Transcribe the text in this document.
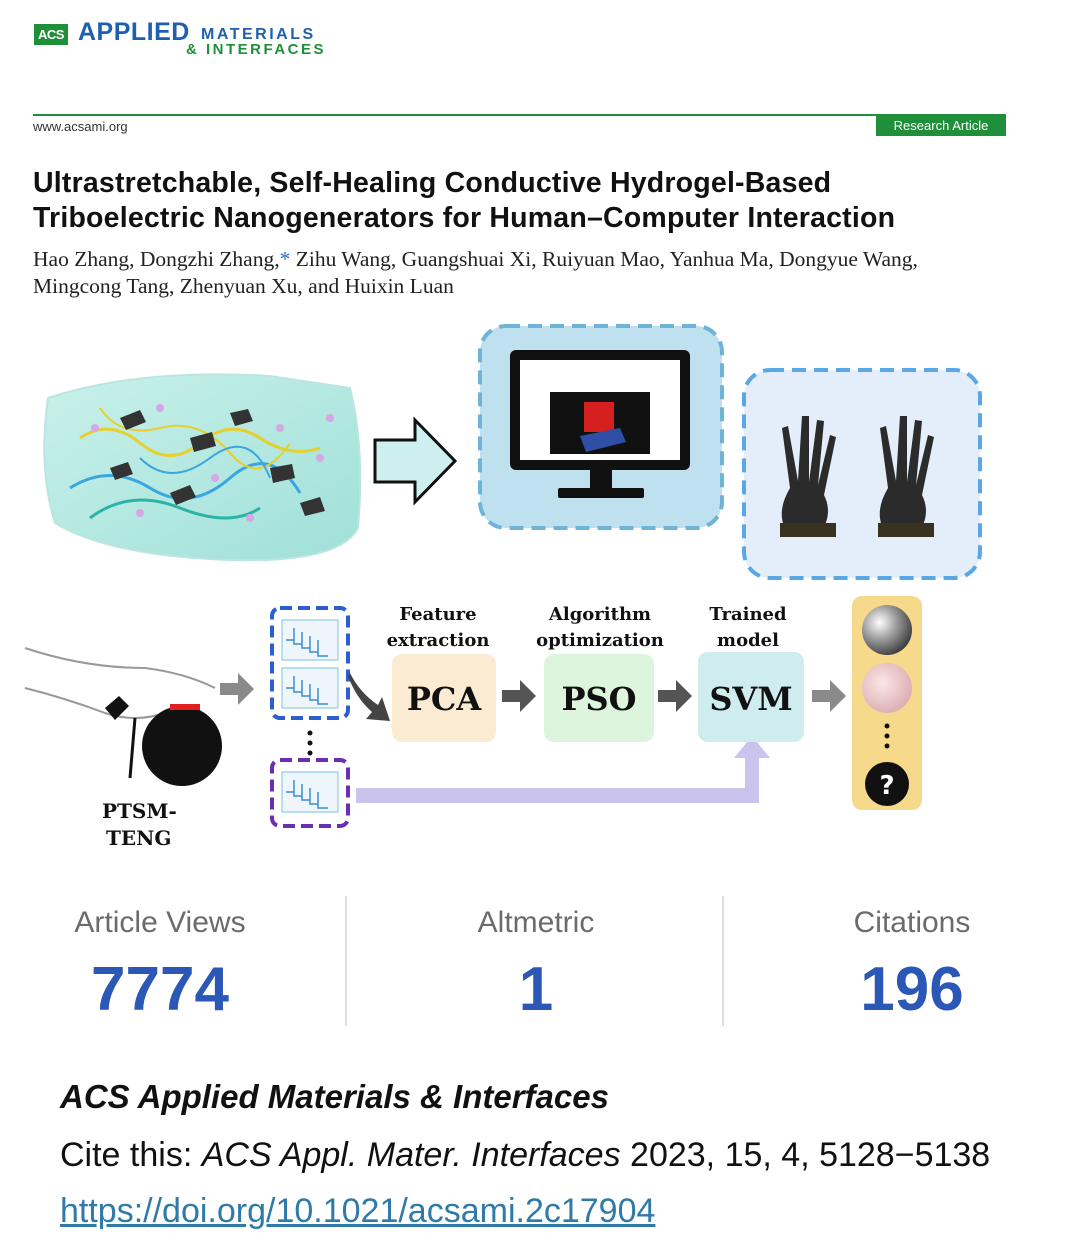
ACS APPLIED MATERIALS
& INTERFACES
www.acsami.org	Research Article
Ultrastretchable, Self-Healing Conductive Hydrogel-Based
Triboelectric Nanogenerators for Human–Computer Interaction
Hao Zhang, Dongzhi Zhang,* Zihu Wang, Guangshuai Xi, Ruiyuan Mao, Yanhua Ma, Dongyue Wang,
Mingcong Tang, Zhenyuan Xu, and Huixin Luan
PTSM-
TENG
Feature
extraction
Algorithm
optimization
Trained
model
PCA	PSO SVM
?
Article Views
7774
Altmetric
1
Citations
196
ACS Applied Materials & Interfaces
Cite this: ACS Appl. Mater. Interfaces 2023, 15, 4, 5128−5138
https://doi.org/10.1021/acsami.2c17904
